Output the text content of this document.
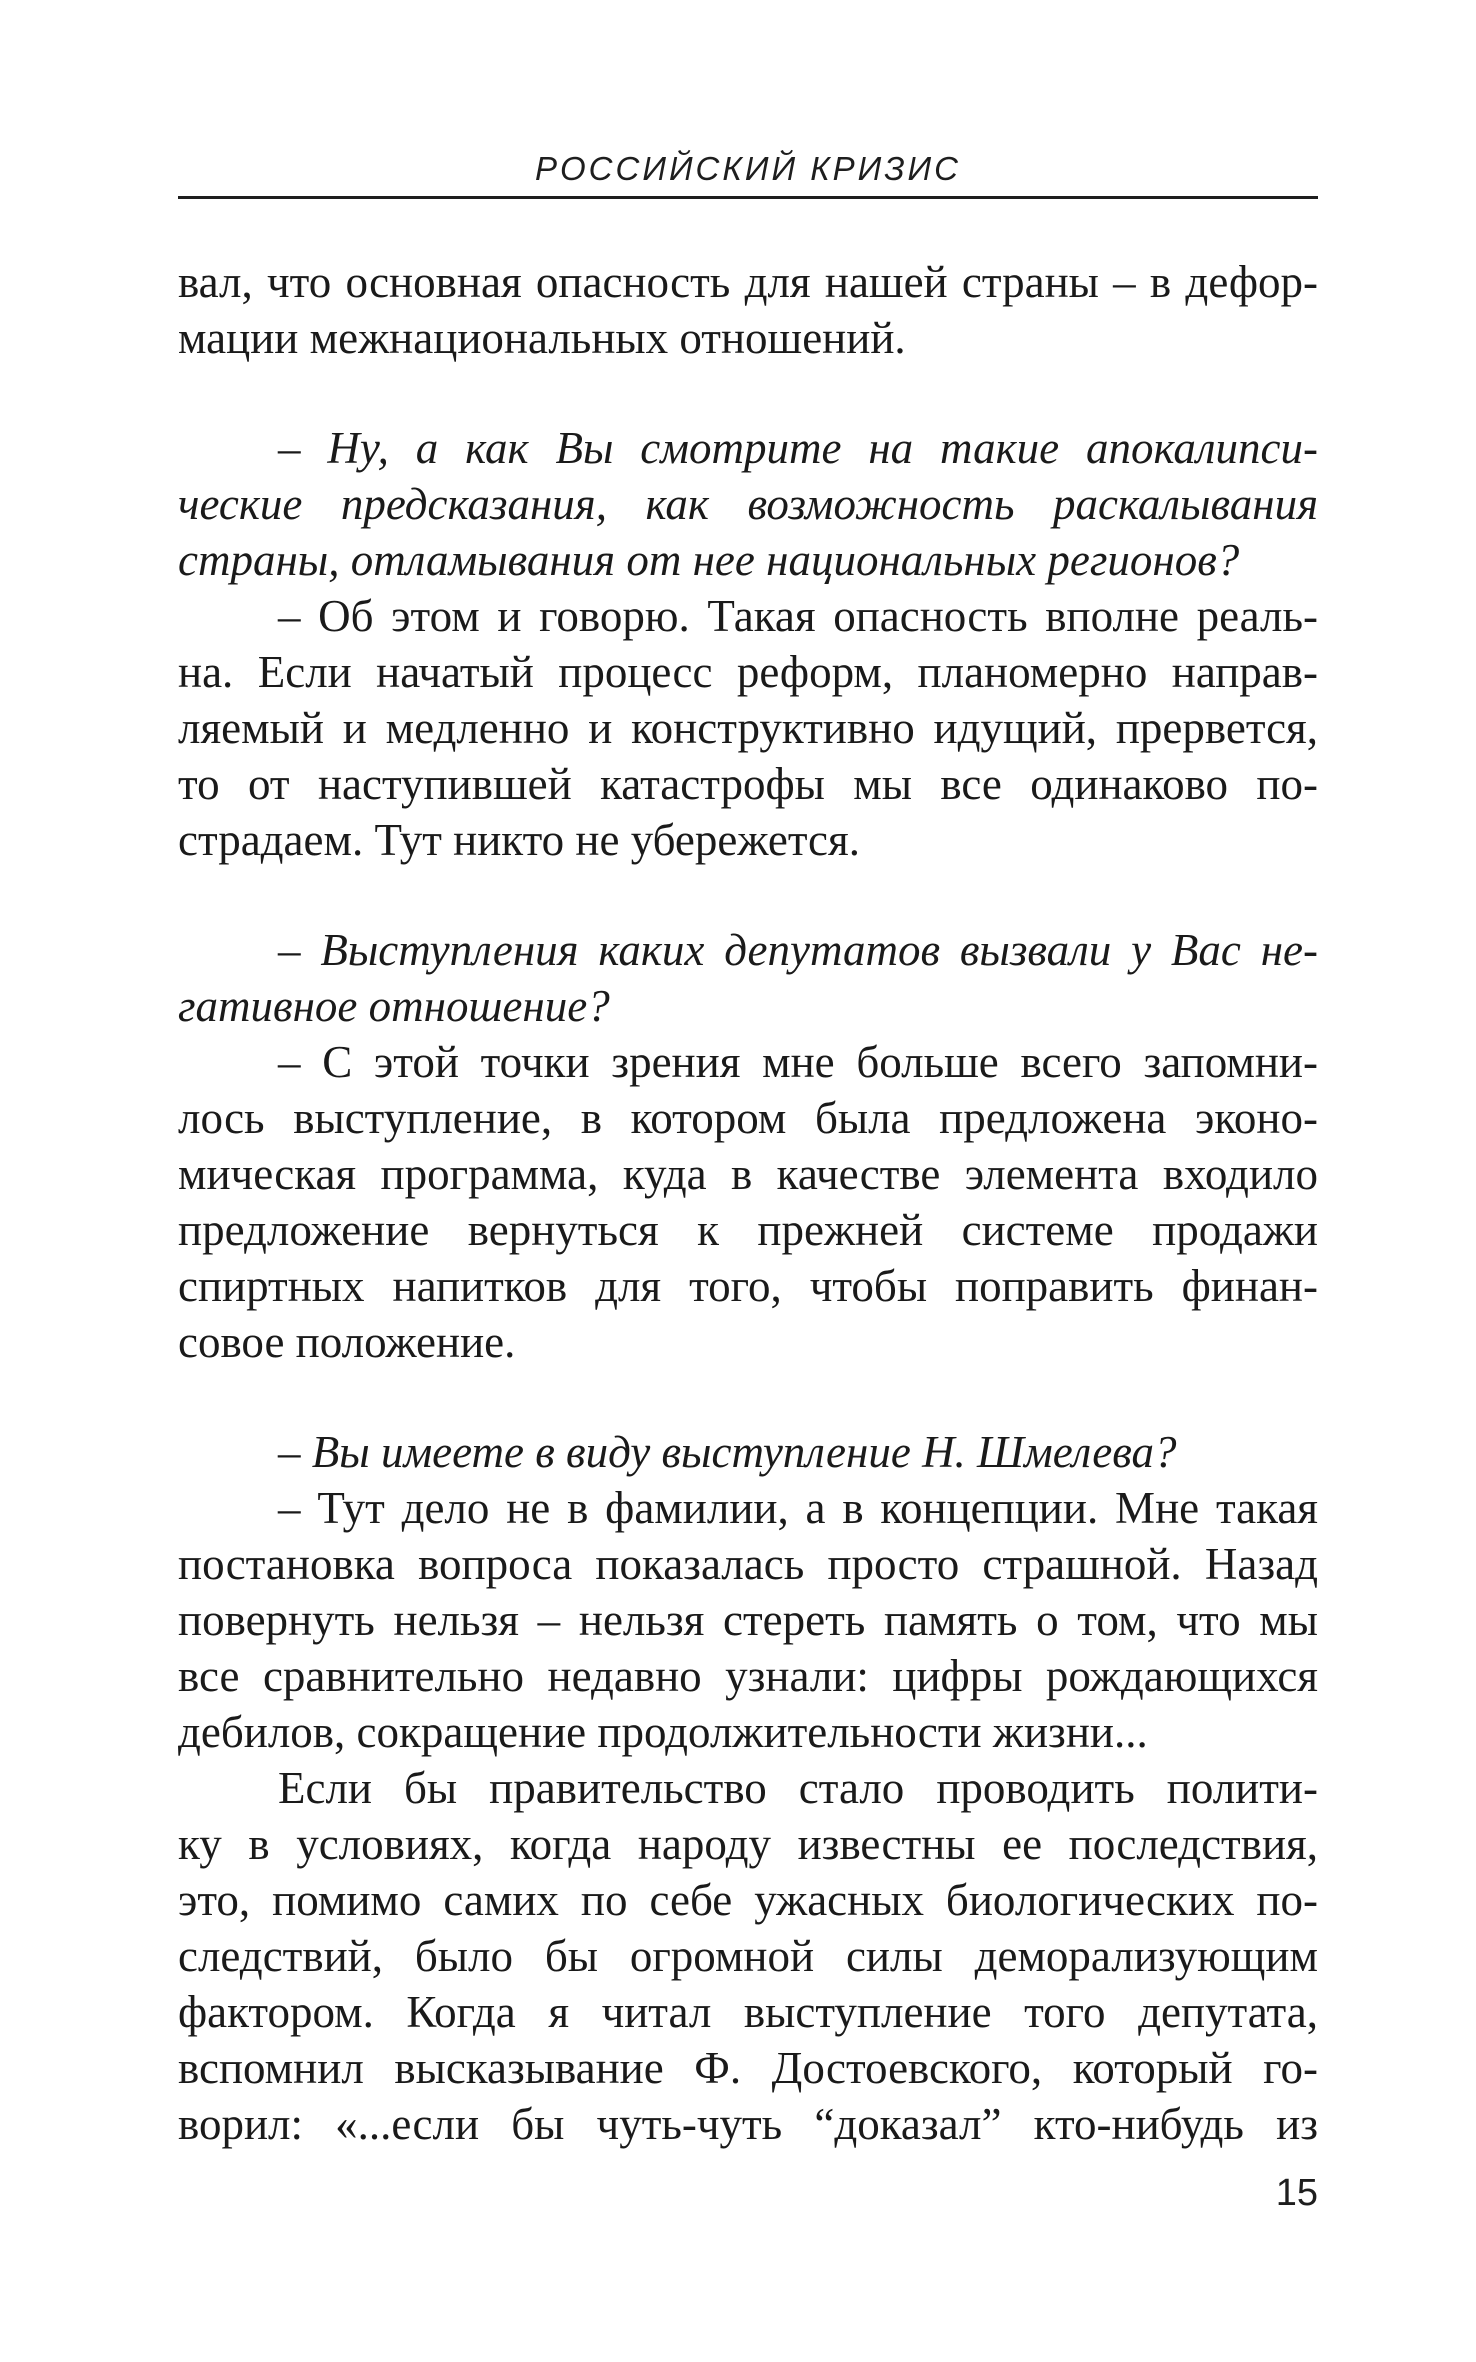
РОССИЙСКИЙ КРИЗИС
вал, что основная опасность для нашей страны – в дефор-
мации межнациональных отношений.
– Ну, а как Вы смотрите на такие апокалипси-
ческие предсказания, как возможность раскалывания
страны, отламывания от нее национальных регионов?
– Об этом и говорю. Такая опасность вполне реаль-
на. Если начатый процесс реформ, планомерно направ-
ляемый и медленно и конструктивно идущий, прервется,
то от наступившей катастрофы мы все одинаково по-
страдаем. Тут никто не убережется.
– Выступления каких депутатов вызвали у Вас не-
гативное отношение?
– С этой точки зрения мне больше всего запомни-
лось выступление, в котором была предложена эконо-
мическая программа, куда в качестве элемента входило
предложение вернуться к прежней системе продажи
спиртных напитков для того, чтобы поправить финан-
совое положение.
– Вы имеете в виду выступление Н. Шмелева?
– Тут дело не в фамилии, а в концепции. Мне такая
постановка вопроса показалась просто страшной. Назад
повернуть нельзя – нельзя стереть память о том, что мы
все сравнительно недавно узнали: цифры рождающихся
дебилов, сокращение продолжительности жизни...
Если бы правительство стало проводить полити-
ку в условиях, когда народу известны ее последствия,
это, помимо самих по себе ужасных биологических по-
следствий, было бы огромной силы деморализующим
фактором. Когда я читал выступление того депутата,
вспомнил высказывание Ф. Достоевского, который го-
ворил: «...если бы чуть-чуть “доказал” кто-нибудь из
15
